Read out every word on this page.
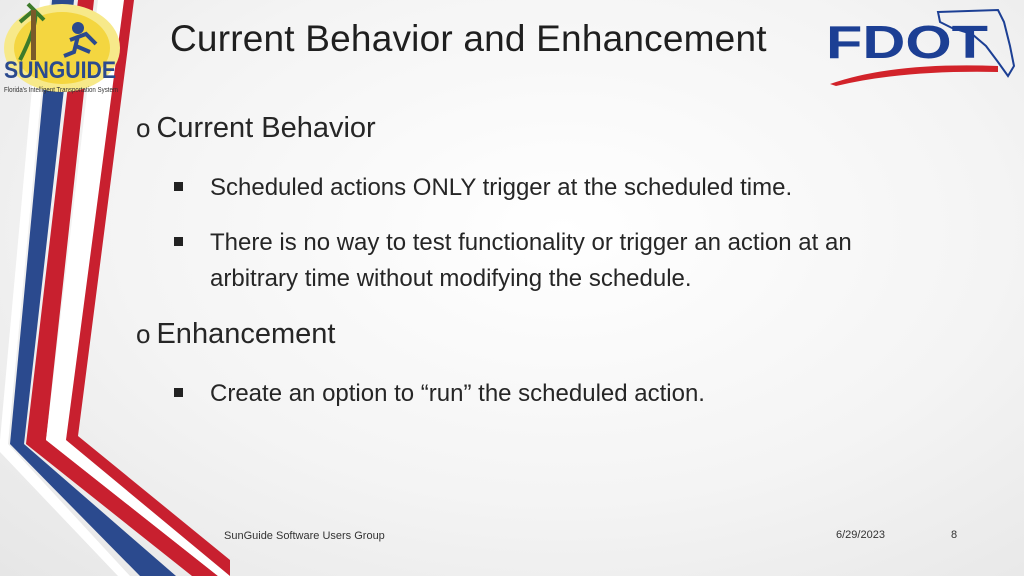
SUNGUIDE
Florida's Intelligent Transportation System
FDOT
Current Behavior and Enhancement
o Current Behavior
Scheduled actions ONLY trigger at the scheduled time.
There is no way to test functionality or trigger an action at an arbitrary time without modifying the schedule.
o Enhancement
Create an option to “run” the scheduled action.
SunGuide Software Users Group	6/29/2023	8
